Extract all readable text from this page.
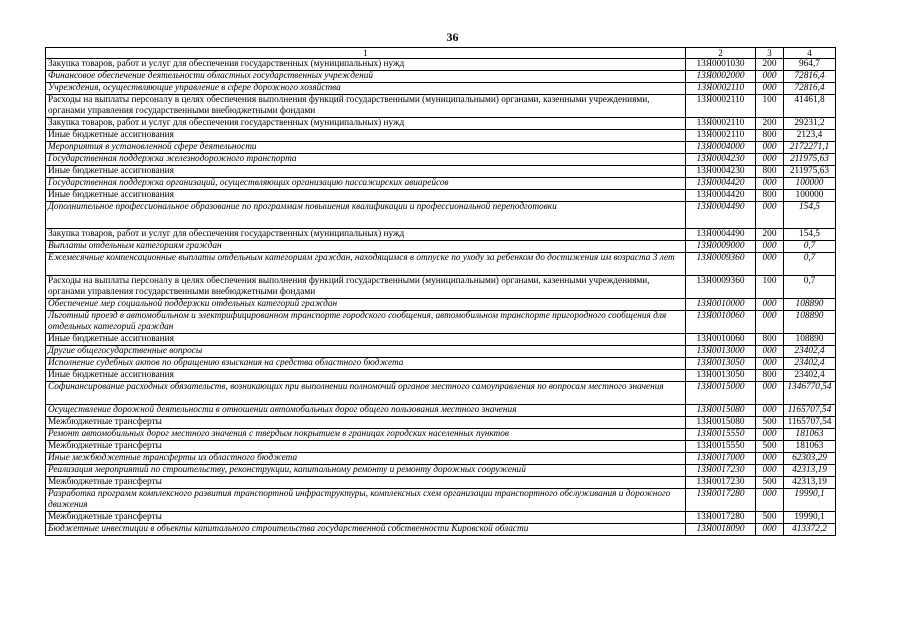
36
1	2	3	4
Закупка товаров, работ и услуг для обеспечения государственных (муниципальных) нужд	13Я0001030	200	964,7
Финансовое обеспечение деятельности областных государственных учреждений	13Я0002000	000	72816,4
Учреждения, осуществляющие управление в сфере дорожного хозяйства	13Я0002110	000	72816,4
Расходы на выплаты персоналу в целях обеспечения выполнения функций государственными (муниципальными) органами, казенными учреждениями, органами управления государственными внебюджетными фондами	13Я0002110	100	41461,8
Закупка товаров, работ и услуг для обеспечения государственных (муниципальных) нужд	13Я0002110	200	29231,2
Иные бюджетные ассигнования	13Я0002110	800	2123,4
Мероприятия в установленной сфере деятельности	13Я0004000	000	2172271,1
Государственная поддержка железнодорожного транспорта	13Я0004230	000	211975,63
Иные бюджетные ассигнования	13Я0004230	800	211975,63
Государственная поддержка организаций, осуществляющих организацию пассажирских авиарейсов	13Я0004420	000	100000
Иные бюджетные ассигнования	13Я0004420	800	100000
Дополнительное профессиональное образование по программам повышения квалификации и профессиональной переподготовки	13Я0004490	000	154,5
Закупка товаров, работ и услуг для обеспечения государственных (муниципальных) нужд	13Я0004490	200	154,5
Выплаты отдельным категориям граждан	13Я0009000	000	0,7
Ежемесячные компенсационные выплаты отдельным категориям граждан, находящимся в отпуске по уходу за ребенком до достижения им возраста 3 лет	13Я0009360	000	0,7
Расходы на выплаты персоналу в целях обеспечения выполнения функций государственными (муниципальными) органами, казенными учреждениями, органами управления государственными внебюджетными фондами	13Я0009360	100	0,7
Обеспечение мер социальной поддержки отдельных категорий граждан	13Я0010000	000	108890
Льготный проезд в автомобильном и электрифицированном транспорте городского сообщения, автомобильном транспорте пригородного сообщения для отдельных категорий граждан	13Я0010060	000	108890
Иные бюджетные ассигнования	13Я0010060	800	108890
Другие общегосударственные вопросы	13Я0013000	000	23402,4
Исполнение судебных актов по обращению взыскания на средства областного бюджета	13Я0013050	000	23402,4
Иные бюджетные ассигнования	13Я0013050	800	23402,4
Софинансирование расходных обязательств, возникающих при выполнении полномочий органов местного самоуправления по вопросам местного значения	13Я0015000	000	1346770,54
Осуществление дорожной деятельности в отношении автомобильных дорог общего пользования местного значения	13Я0015080	000	1165707,54
Межбюджетные трансферты	13Я0015080	500	1165707,54
Ремонт автомобильных дорог местного значения с твердым покрытием в границах городских населенных пунктов	13Я0015550	000	181063
Межбюджетные трансферты	13Я0015550	500	181063
Иные межбюджетные трансферты из областного бюджета	13Я0017000	000	62303,29
Реализация мероприятий по строительству, реконструкции, капитальному ремонту и ремонту дорожных сооружений	13Я0017230	000	42313,19
Межбюджетные трансферты	13Я0017230	500	42313,19
Разработка программ комплексного развития транспортной инфраструктуры, комплексных схем организации транспортного обслуживания и дорожного движения	13Я0017280	000	19990,1
Межбюджетные трансферты	13Я0017280	500	19990,1
Бюджетные инвестиции в объекты капитального строительства государственной собственности Кировской области	13Я0018090	000	413372,2
